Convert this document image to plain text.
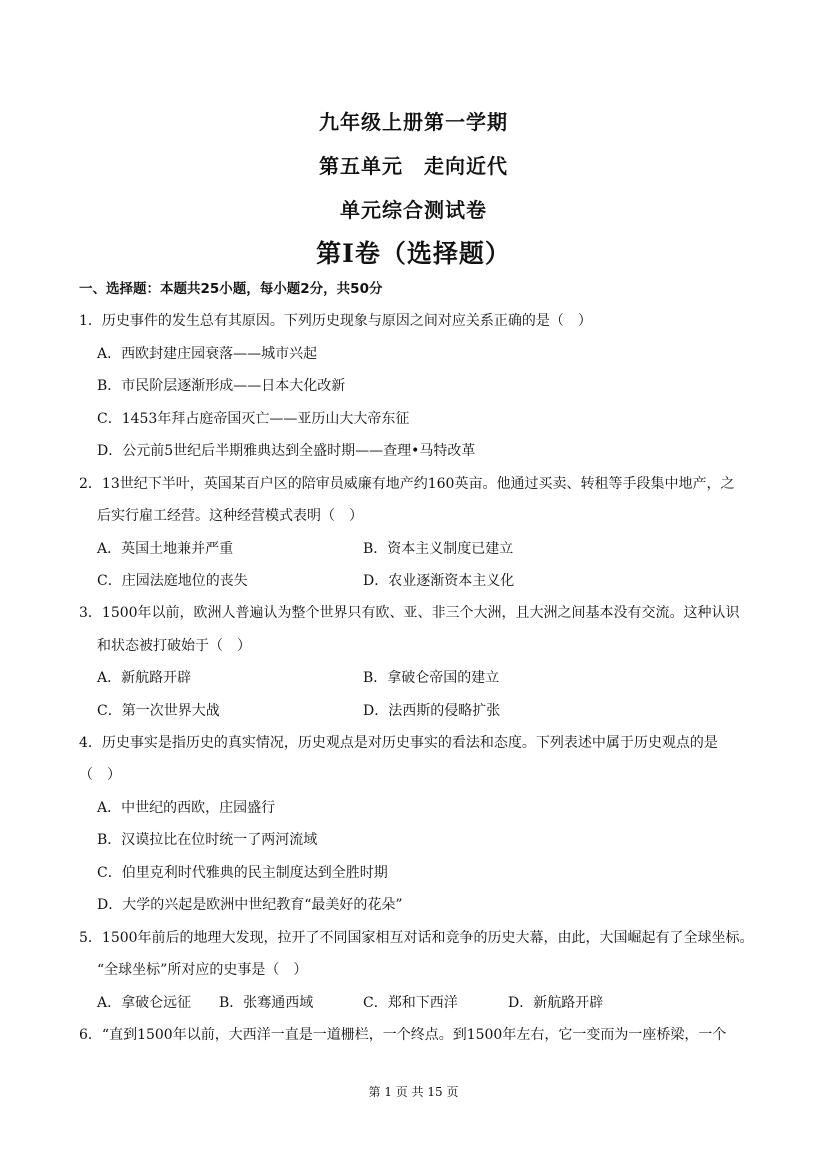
九年级上册第一学期
第五单元　走向近代
单元综合测试卷
第Ⅰ卷（选择题）
一、选择题：本题共25小题，每小题2分，共50分
1．历史事件的发生总有其原因。下列历史现象与原因之间对应关系正确的是（　）
A．西欧封建庄园衰落——城市兴起
B．市民阶层逐渐形成——日本大化改新
C．1453年拜占庭帝国灭亡——亚历山大大帝东征
D．公元前5世纪后半期雅典达到全盛时期——查理•马特改革
2．13世纪下半叶，英国某百户区的陪审员威廉有地产约160英亩。他通过买卖、转租等手段集中地产，之
后实行雇工经营。这种经营模式表明（　）
A．英国土地兼并严重	B．资本主义制度已建立
C．庄园法庭地位的丧失	D．农业逐渐资本主义化
3．1500年以前，欧洲人普遍认为整个世界只有欧、亚、非三个大洲，且大洲之间基本没有交流。这种认识
和状态被打破始于（　）
A．新航路开辟	B．拿破仑帝国的建立
C．第一次世界大战	D．法西斯的侵略扩张
4．历史事实是指历史的真实情况，历史观点是对历史事实的看法和态度。下列表述中属于历史观点的是
（　）
A．中世纪的西欧，庄园盛行
B．汉谟拉比在位时统一了两河流域
C．伯里克利时代雅典的民主制度达到全胜时期
D．大学的兴起是欧洲中世纪教育“最美好的花朵”
5．1500年前后的地理大发现，拉开了不同国家相互对话和竞争的历史大幕，由此，大国崛起有了全球坐标。
“全球坐标”所对应的史事是（　）
A．拿破仑远征 B．张骞通西域	C．郑和下西洋	D．新航路开辟
6．“直到1500年以前，大西洋一直是一道栅栏，一个终点。到1500年左右，它一变而为一座桥梁，一个
第 1 页 共 15 页
